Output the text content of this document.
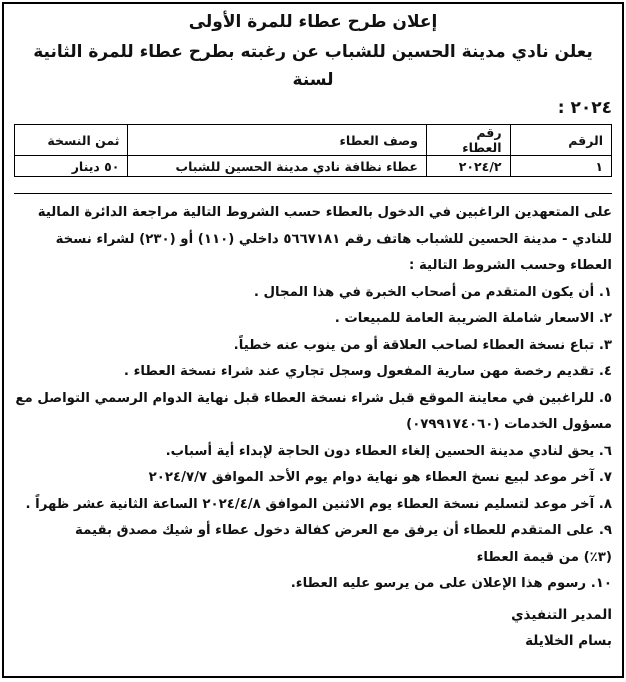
إعلان طرح عطاء للمرة الأولى
يعلن نادي مدينة الحسين للشباب عن رغبته بطرح عطاء للمرة الثانية لسنة
٢٠٢٤ :
الرقم	رقم العطاء	وصف العطاء	ثمن النسخة
١	٢٠٢٤/٢	عطاء نظافة نادي مدينة الحسين للشباب	٥٠ دينار
على المتعهدين الراغبين في الدخول بالعطاء حسب الشروط التالية مراجعة الدائرة المالية
للنادي - مدينة الحسين للشباب هاتف رقم ٥٦٦٧١٨١ داخلي (١١٠) أو (٢٣٠) لشراء نسخة
العطاء وحسب الشروط التالية :
١. أن يكون المتقدم من أصحاب الخبرة في هذا المجال .
٢. الاسعار شاملة الضريبة العامة للمبيعات .
٣. تباع نسخة العطاء لصاحب العلاقة أو من ينوب عنه خطياً.
٤. تقديم رخصة مهن سارية المفعول وسجل تجاري عند شراء نسخة العطاء .
٥. للراغبين في معاينة الموقع قبل شراء نسخة العطاء قبل نهاية الدوام الرسمي التواصل مع
مسؤول الخدمات (٠٧٩٩١٧٤٠٦٠)
٦. يحق لنادي مدينة الحسين إلغاء العطاء دون الحاجة لإبداء أية أسباب.
٧. آخر موعد لبيع نسخ العطاء هو نهاية دوام يوم الأحد الموافق ٢٠٢٤/٧/٧
٨. آخر موعد لتسليم نسخة العطاء يوم الاثنين الموافق ٢٠٢٤/٤/٨ الساعة الثانية عشر ظهراً .
٩. على المتقدم للعطاء أن يرفق مع العرض كفالة دخول عطاء أو شيك مصدق بقيمة
(٣٪) من قيمة العطاء
١٠. رسوم هذا الإعلان على من يرسو عليه العطاء.
المدير التنفيذي
بسام الخلايلة
